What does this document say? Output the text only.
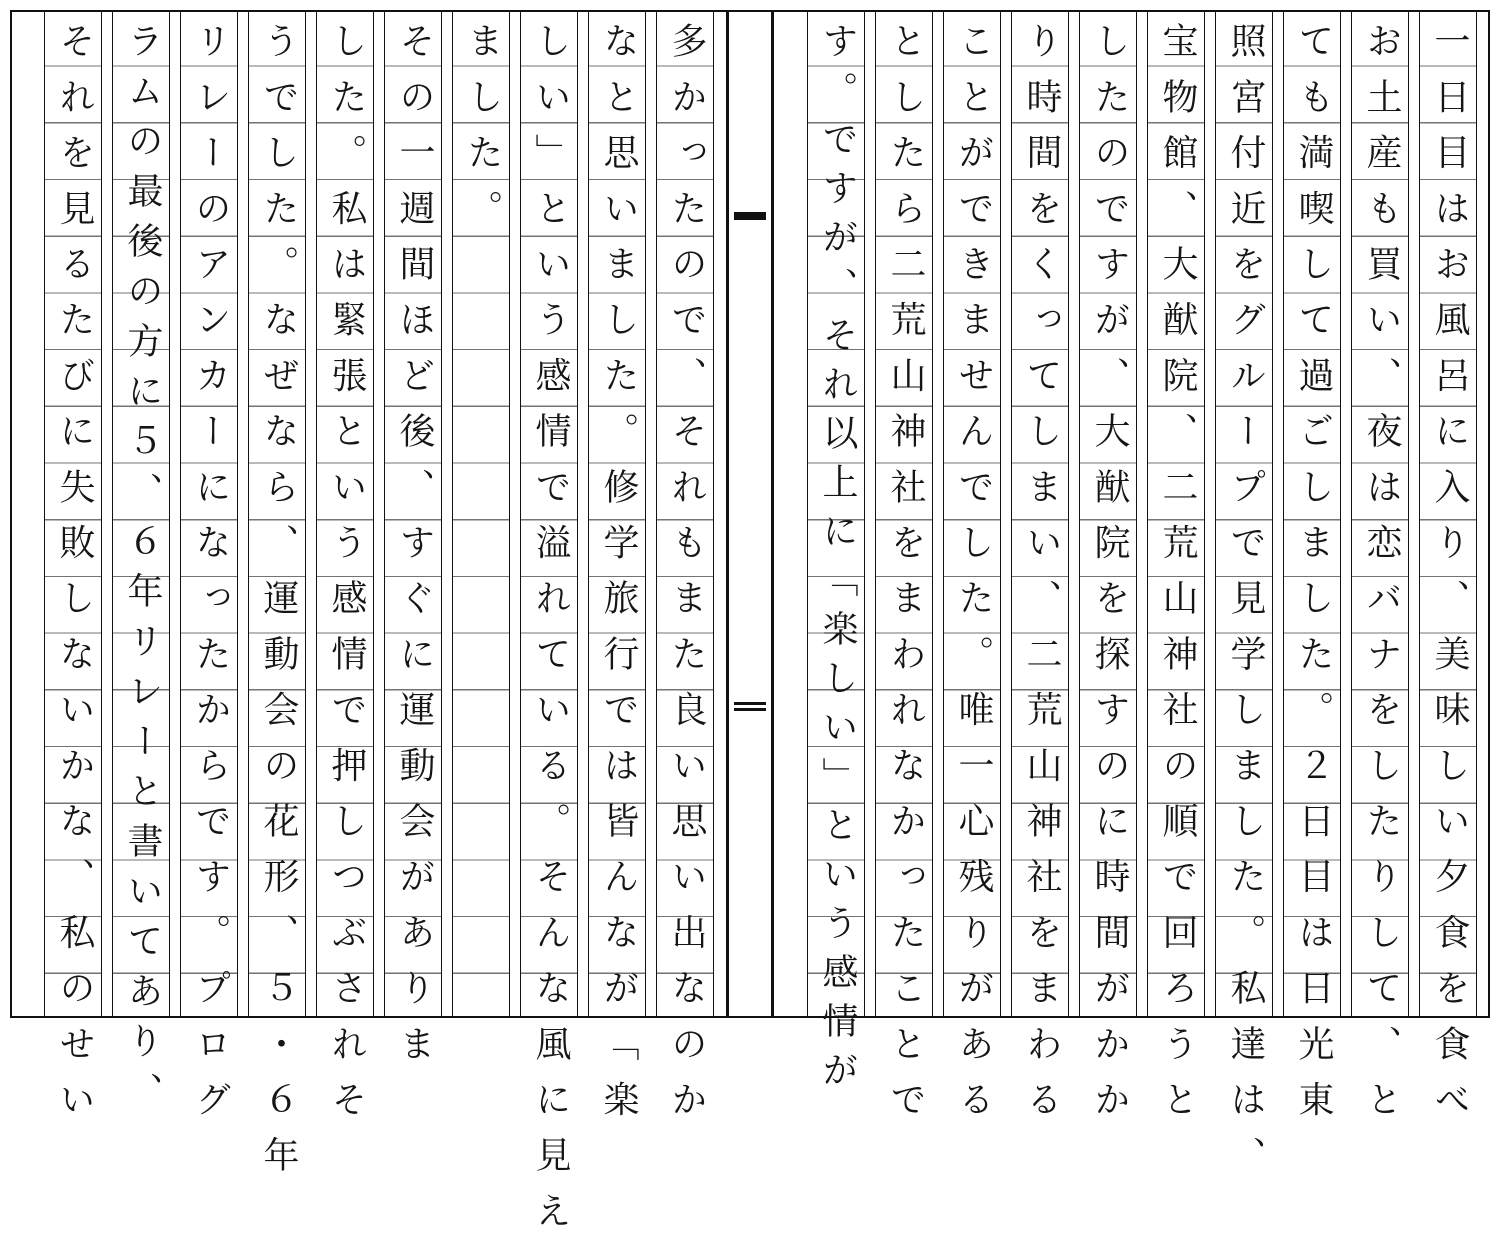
一日目はお風呂に入り、美味しい夕食を食べ
お土産も買い、夜は恋バナをしたりして、と
ても満喫して過ごしました。２日目は日光東
照宮付近をグループで見学しました。私達は、
宝物館、大猷院、二荒山神社の順で回ろうと
したのですが、大猷院を探すのに時間がかか
り時間をくってしまい、二荒山神社をまわる
ことができませんでした。唯一心残りがある
としたら二荒山神社をまわれなかったことで
す。ですが、それ以上に「楽しい」という感情が
多かったので、それもまた良い思い出なのか
なと思いました。修学旅行では皆んなが「楽
しい」という感情で溢れている。そんな風に見え
ました。
その一週間ほど後、すぐに運動会がありま
した。私は緊張という感情で押しつぶされそ
うでした。なぜなら、運動会の花形、５・６年
リレーのアンカーになったからです。プログ
ラムの最後の方に５、６年リレーと書いてあり、
それを見るたびに失敗しないかな、私のせい
